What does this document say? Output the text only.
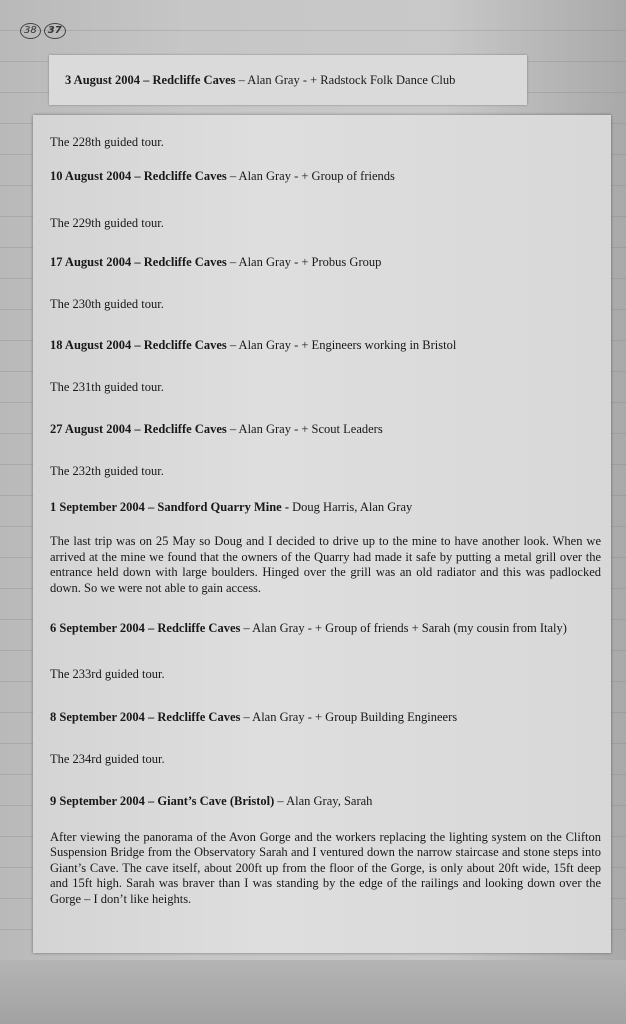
38	37

3 August 2004 – Redcliffe Caves – Alan Gray - + Radstock Folk Dance Club

The 228th guided tour.
10 August 2004 – Redcliffe Caves – Alan Gray - + Group of friends
The 229th guided tour.
17 August 2004 – Redcliffe Caves – Alan Gray - + Probus Group
The 230th guided tour.
18 August 2004 – Redcliffe Caves – Alan Gray - + Engineers working in Bristol
The 231th guided tour.
27 August 2004 – Redcliffe Caves – Alan Gray - + Scout Leaders
The 232th guided tour.
1 September 2004 – Sandford Quarry Mine - Doug Harris, Alan Gray
The last trip was on 25 May so Doug and I decided to drive up to the mine to have another look. When we arrived at the mine we found that the owners of the Quarry had made it safe by putting a metal grill over the entrance held down with large boulders. Hinged over the grill was an old radiator and this was padlocked down. So we were not able to gain access.
6 September 2004 – Redcliffe Caves – Alan Gray - + Group of friends + Sarah (my cousin from Italy)
The 233rd guided tour.
8 September 2004 – Redcliffe Caves – Alan Gray - + Group Building Engineers
The 234rd guided tour.
9 September 2004 – Giant’s Cave (Bristol) – Alan Gray, Sarah
After viewing the panorama of the Avon Gorge and the workers replacing the lighting system on the Clifton Suspension Bridge from the Observatory Sarah and I ventured down the narrow staircase and stone steps into Giant’s Cave. The cave itself, about 200ft up from the floor of the Gorge, is only about 20ft wide, 15ft deep and 15ft high. Sarah was braver than I was standing by the edge of the railings and looking down over the Gorge – I don’t like heights.
